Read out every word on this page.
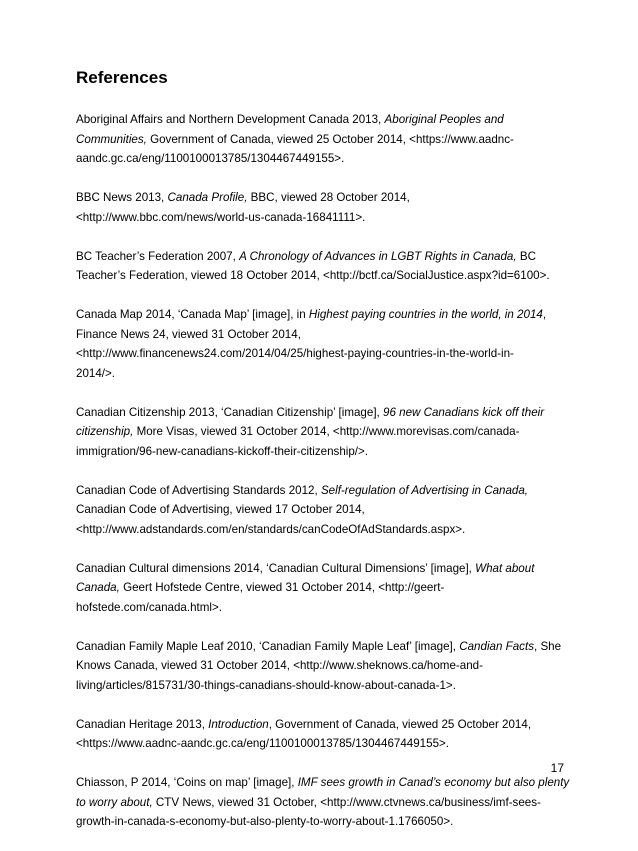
References

Aboriginal Affairs and Northern Development Canada 2013, Aboriginal Peoples and
Communities, Government of Canada, viewed 25 October 2014, <https://www.aadnc-
aandc.gc.ca/eng/1100100013785/1304467449155>.

BBC News 2013, Canada Profile, BBC, viewed 28 October 2014,
<http://www.bbc.com/news/world-us-canada-16841111>.

BC Teacher’s Federation 2007, A Chronology of Advances in LGBT Rights in Canada, BC
Teacher’s Federation, viewed 18 October 2014, <http://bctf.ca/SocialJustice.aspx?id=6100>.

Canada Map 2014, ‘Canada Map’ [image], in Highest paying countries in the world, in 2014,
Finance News 24, viewed 31 October 2014,
<http://www.financenews24.com/2014/04/25/highest-paying-countries-in-the-world-in-
2014/>.

Canadian Citizenship 2013, ‘Canadian Citizenship’ [image], 96 new Canadians kick off their
citizenship, More Visas, viewed 31 October 2014, <http://www.morevisas.com/canada-
immigration/96-new-canadians-kickoff-their-citizenship/>.

Canadian Code of Advertising Standards 2012, Self-regulation of Advertising in Canada,
Canadian Code of Advertising, viewed 17 October 2014,
<http://www.adstandards.com/en/standards/canCodeOfAdStandards.aspx>.

Canadian Cultural dimensions 2014, ‘Canadian Cultural Dimensions’ [image], What about
Canada, Geert Hofstede Centre, viewed 31 October 2014, <http://geert-
hofstede.com/canada.html>.

Canadian Family Maple Leaf 2010, ‘Canadian Family Maple Leaf’ [image], Candian Facts, She
Knows Canada, viewed 31 October 2014, <http://www.sheknows.ca/home-and-
living/articles/815731/30-things-canadians-should-know-about-canada-1>.

Canadian Heritage 2013, Introduction, Government of Canada, viewed 25 October 2014,
<https://www.aadnc-aandc.gc.ca/eng/1100100013785/1304467449155>.

Chiasson, P 2014, ‘Coins on map’ [image], IMF sees growth in Canad’s economy but also plenty
to worry about, CTV News, viewed 31 October, <http://www.ctvnews.ca/business/imf-sees-
growth-in-canada-s-economy-but-also-plenty-to-worry-about-1.1766050>.

17
